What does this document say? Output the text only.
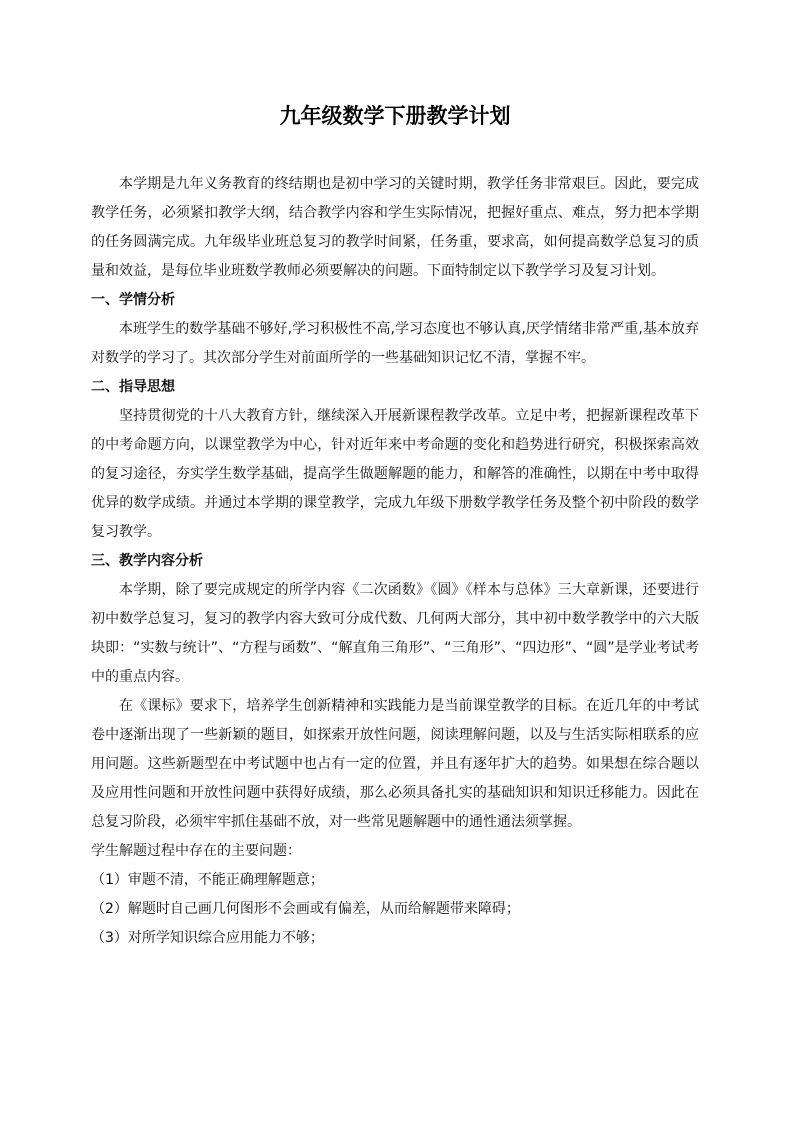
九年级数学下册教学计划

本学期是九年义务教育的终结期也是初中学习的关键时期，教学任务非常艰巨。因此，要完成教学任务，必须紧扣教学大纲，结合教学内容和学生实际情况，把握好重点、难点，努力把本学期的任务圆满完成。九年级毕业班总复习的教学时间紧，任务重，要求高，如何提高数学总复习的质量和效益，是每位毕业班数学教师必须要解决的问题。下面特制定以下教学学习及复习计划。

一、学情分析

本班学生的数学基础不够好,学习积极性不高,学习态度也不够认真,厌学情绪非常严重,基本放弃对数学的学习了。其次部分学生对前面所学的一些基础知识记忆不清，掌握不牢。

二、指导思想

坚持贯彻党的十八大教育方针，继续深入开展新课程教学改革。立足中考，把握新课程改革下的中考命题方向，以课堂教学为中心，针对近年来中考命题的变化和趋势进行研究，积极探索高效的复习途径，夯实学生数学基础，提高学生做题解题的能力，和解答的准确性，以期在中考中取得优异的数学成绩。并通过本学期的课堂教学，完成九年级下册数学教学任务及整个初中阶段的数学复习教学。

三、教学内容分析

本学期，除了要完成规定的所学内容《二次函数》《圆》《样本与总体》三大章新课，还要进行初中数学总复习，复习的教学内容大致可分成代数、几何两大部分，其中初中数学教学中的六大版块即：“实数与统计”、“方程与函数”、“解直角三角形”、“三角形”、“四边形”、“圆”是学业考试考中的重点内容。

在《课标》要求下，培养学生创新精神和实践能力是当前课堂教学的目标。在近几年的中考试卷中逐渐出现了一些新颖的题目，如探索开放性问题，阅读理解问题，以及与生活实际相联系的应用问题。这些新题型在中考试题中也占有一定的位置，并且有逐年扩大的趋势。如果想在综合题以及应用性问题和开放性问题中获得好成绩，那么必须具备扎实的基础知识和知识迁移能力。因此在总复习阶段，必须牢牢抓住基础不放，对一些常见题解题中的通性通法须掌握。

学生解题过程中存在的主要问题：

（1）审题不清，不能正确理解题意；

（2）解题时自己画几何图形不会画或有偏差，从而给解题带来障碍；

（3）对所学知识综合应用能力不够；
